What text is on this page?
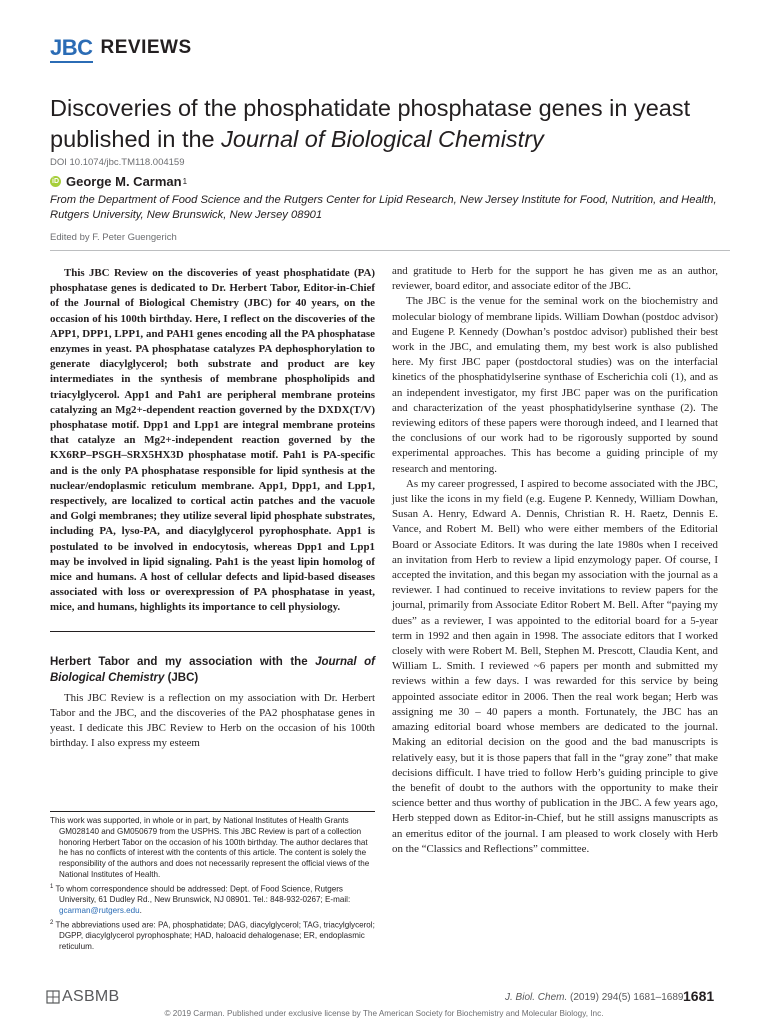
JBC REVIEWS
Discoveries of the phosphatidate phosphatase genes in yeast published in the Journal of Biological Chemistry
DOI 10.1074/jbc.TM118.004159
iD George M. Carman 1
From the Department of Food Science and the Rutgers Center for Lipid Research, New Jersey Institute for Food, Nutrition, and Health, Rutgers University, New Brunswick, New Jersey 08901
Edited by F. Peter Guengerich

This JBC Review on the discoveries of yeast phosphatidate (PA) phosphatase genes is dedicated to Dr. Herbert Tabor, Editor-in-Chief of the Journal of Biological Chemistry (JBC) for 40 years, on the occasion of his 100th birthday. Here, I reflect on the discoveries of the APP1, DPP1, LPP1, and PAH1 genes encoding all the PA phosphatase enzymes in yeast. PA phosphatase catalyzes PA dephosphorylation to generate diacylglycerol; both substrate and product are key intermediates in the synthesis of membrane phospholipids and triacylglycerol. App1 and Pah1 are peripheral membrane proteins catalyzing an Mg2+-dependent reaction governed by the DXDX(T/V) phosphatase motif. Dpp1 and Lpp1 are integral membrane proteins that catalyze an Mg2+-independent reaction governed by the KX6RP–PSGH–SRX5HX3D phosphatase motif. Pah1 is PA-specific and is the only PA phosphatase responsible for lipid synthesis at the nuclear/endoplasmic reticulum membrane. App1, Dpp1, and Lpp1, respectively, are localized to cortical actin patches and the vacuole and Golgi membranes; they utilize several lipid phosphate substrates, including PA, lyso-PA, and diacylglycerol pyrophosphate. App1 is postulated to be involved in endocytosis, whereas Dpp1 and Lpp1 may be involved in lipid signaling. Pah1 is the yeast lipin homolog of mice and humans. A host of cellular defects and lipid-based diseases associated with loss or overexpression of PA phosphatase in yeast, mice, and humans, highlights its importance to cell physiology.

Herbert Tabor and my association with the Journal of Biological Chemistry (JBC)

This JBC Review is a reflection on my association with Dr. Herbert Tabor and the JBC, and the discoveries of the PA2 phosphatase genes in yeast. I dedicate this JBC Review to Herb on the occasion of his 100th birthday. I also express my esteem

and gratitude to Herb for the support he has given me as an author, reviewer, board editor, and associate editor of the JBC.

The JBC is the venue for the seminal work on the biochemistry and molecular biology of membrane lipids. William Dowhan (postdoc advisor) and Eugene P. Kennedy (Dowhan’s postdoc advisor) published their best work in the JBC, and emulating them, my best work is also published here. My first JBC paper (postdoctoral studies) was on the interfacial kinetics of the phosphatidylserine synthase of Escherichia coli (1), and as an independent investigator, my first JBC paper was on the purification and characterization of the yeast phosphatidylserine synthase (2). The reviewing editors of these papers were thorough indeed, and I learned that the conclusions of our work had to be rigorously supported by sound experimental approaches. This has become a guiding principle of my research and mentoring.

As my career progressed, I aspired to become associated with the JBC, just like the icons in my field (e.g. Eugene P. Kennedy, William Dowhan, Susan A. Henry, Edward A. Dennis, Christian R. H. Raetz, Dennis E. Vance, and Robert M. Bell) who were either members of the Editorial Board or Associate Editors. It was during the late 1980s when I received an invitation from Herb to review a lipid enzymology paper. Of course, I accepted the invitation, and this began my association with the journal as a reviewer. I had continued to receive invitations to review papers for the journal, primarily from Associate Editor Robert M. Bell. After “paying my dues” as a reviewer, I was appointed to the editorial board for a 5-year term in 1992 and then again in 1998. The associate editors that I worked closely with were Robert M. Bell, Stephen M. Prescott, Claudia Kent, and William L. Smith. I reviewed ~6 papers per month and submitted my reviews within a few days. I was rewarded for this service by being appointed associate editor in 2006. Then the real work began; Herb was assigning me 30 – 40 papers a month. Fortunately, the JBC has an amazing editorial board whose members are dedicated to the journal. Making an editorial decision on the good and the bad manuscripts is relatively easy, but it is those papers that fall in the “gray zone” that make decisions difficult. I have tried to follow Herb’s guiding principle to give the benefit of doubt to the authors with the opportunity to make their science better and thus worthy of publication in the JBC. A few years ago, Herb stepped down as Editor-in-Chief, but he still assigns manuscripts as an emeritus editor of the journal. I am pleased to work closely with Herb on the “Classics and Reflections” committee.

This work was supported, in whole or in part, by National Institutes of Health Grants GM028140 and GM050679 from the USPHS. This JBC Review is part of a collection honoring Herbert Tabor on the occasion of his 100th birthday. The author declares that he has no conflicts of interest with the contents of this article. The content is solely the responsibility of the authors and does not necessarily represent the official views of the National Institutes of Health.

$^1$ To whom correspondence should be addressed: Dept. of Food Science, Rutgers University, 61 Dudley Rd., New Brunswick, NJ 08901. Tel.: 848-932-0267; E-mail: gcarman@rutgers.edu.

$^2$ The abbreviations used are: PA, phosphatidate; DAG, diacylglycerol; TAG, triacylglycerol; DGPP, diacylglycerol pyrophosphate; HAD, haloacid dehalogenase; ER, endoplasmic reticulum.

ASBMB	J. Biol. Chem. (2019) 294(5) 1681–1689 1681
© 2019 Carman. Published under exclusive license by The American Society for Biochemistry and Molecular Biology, Inc.
